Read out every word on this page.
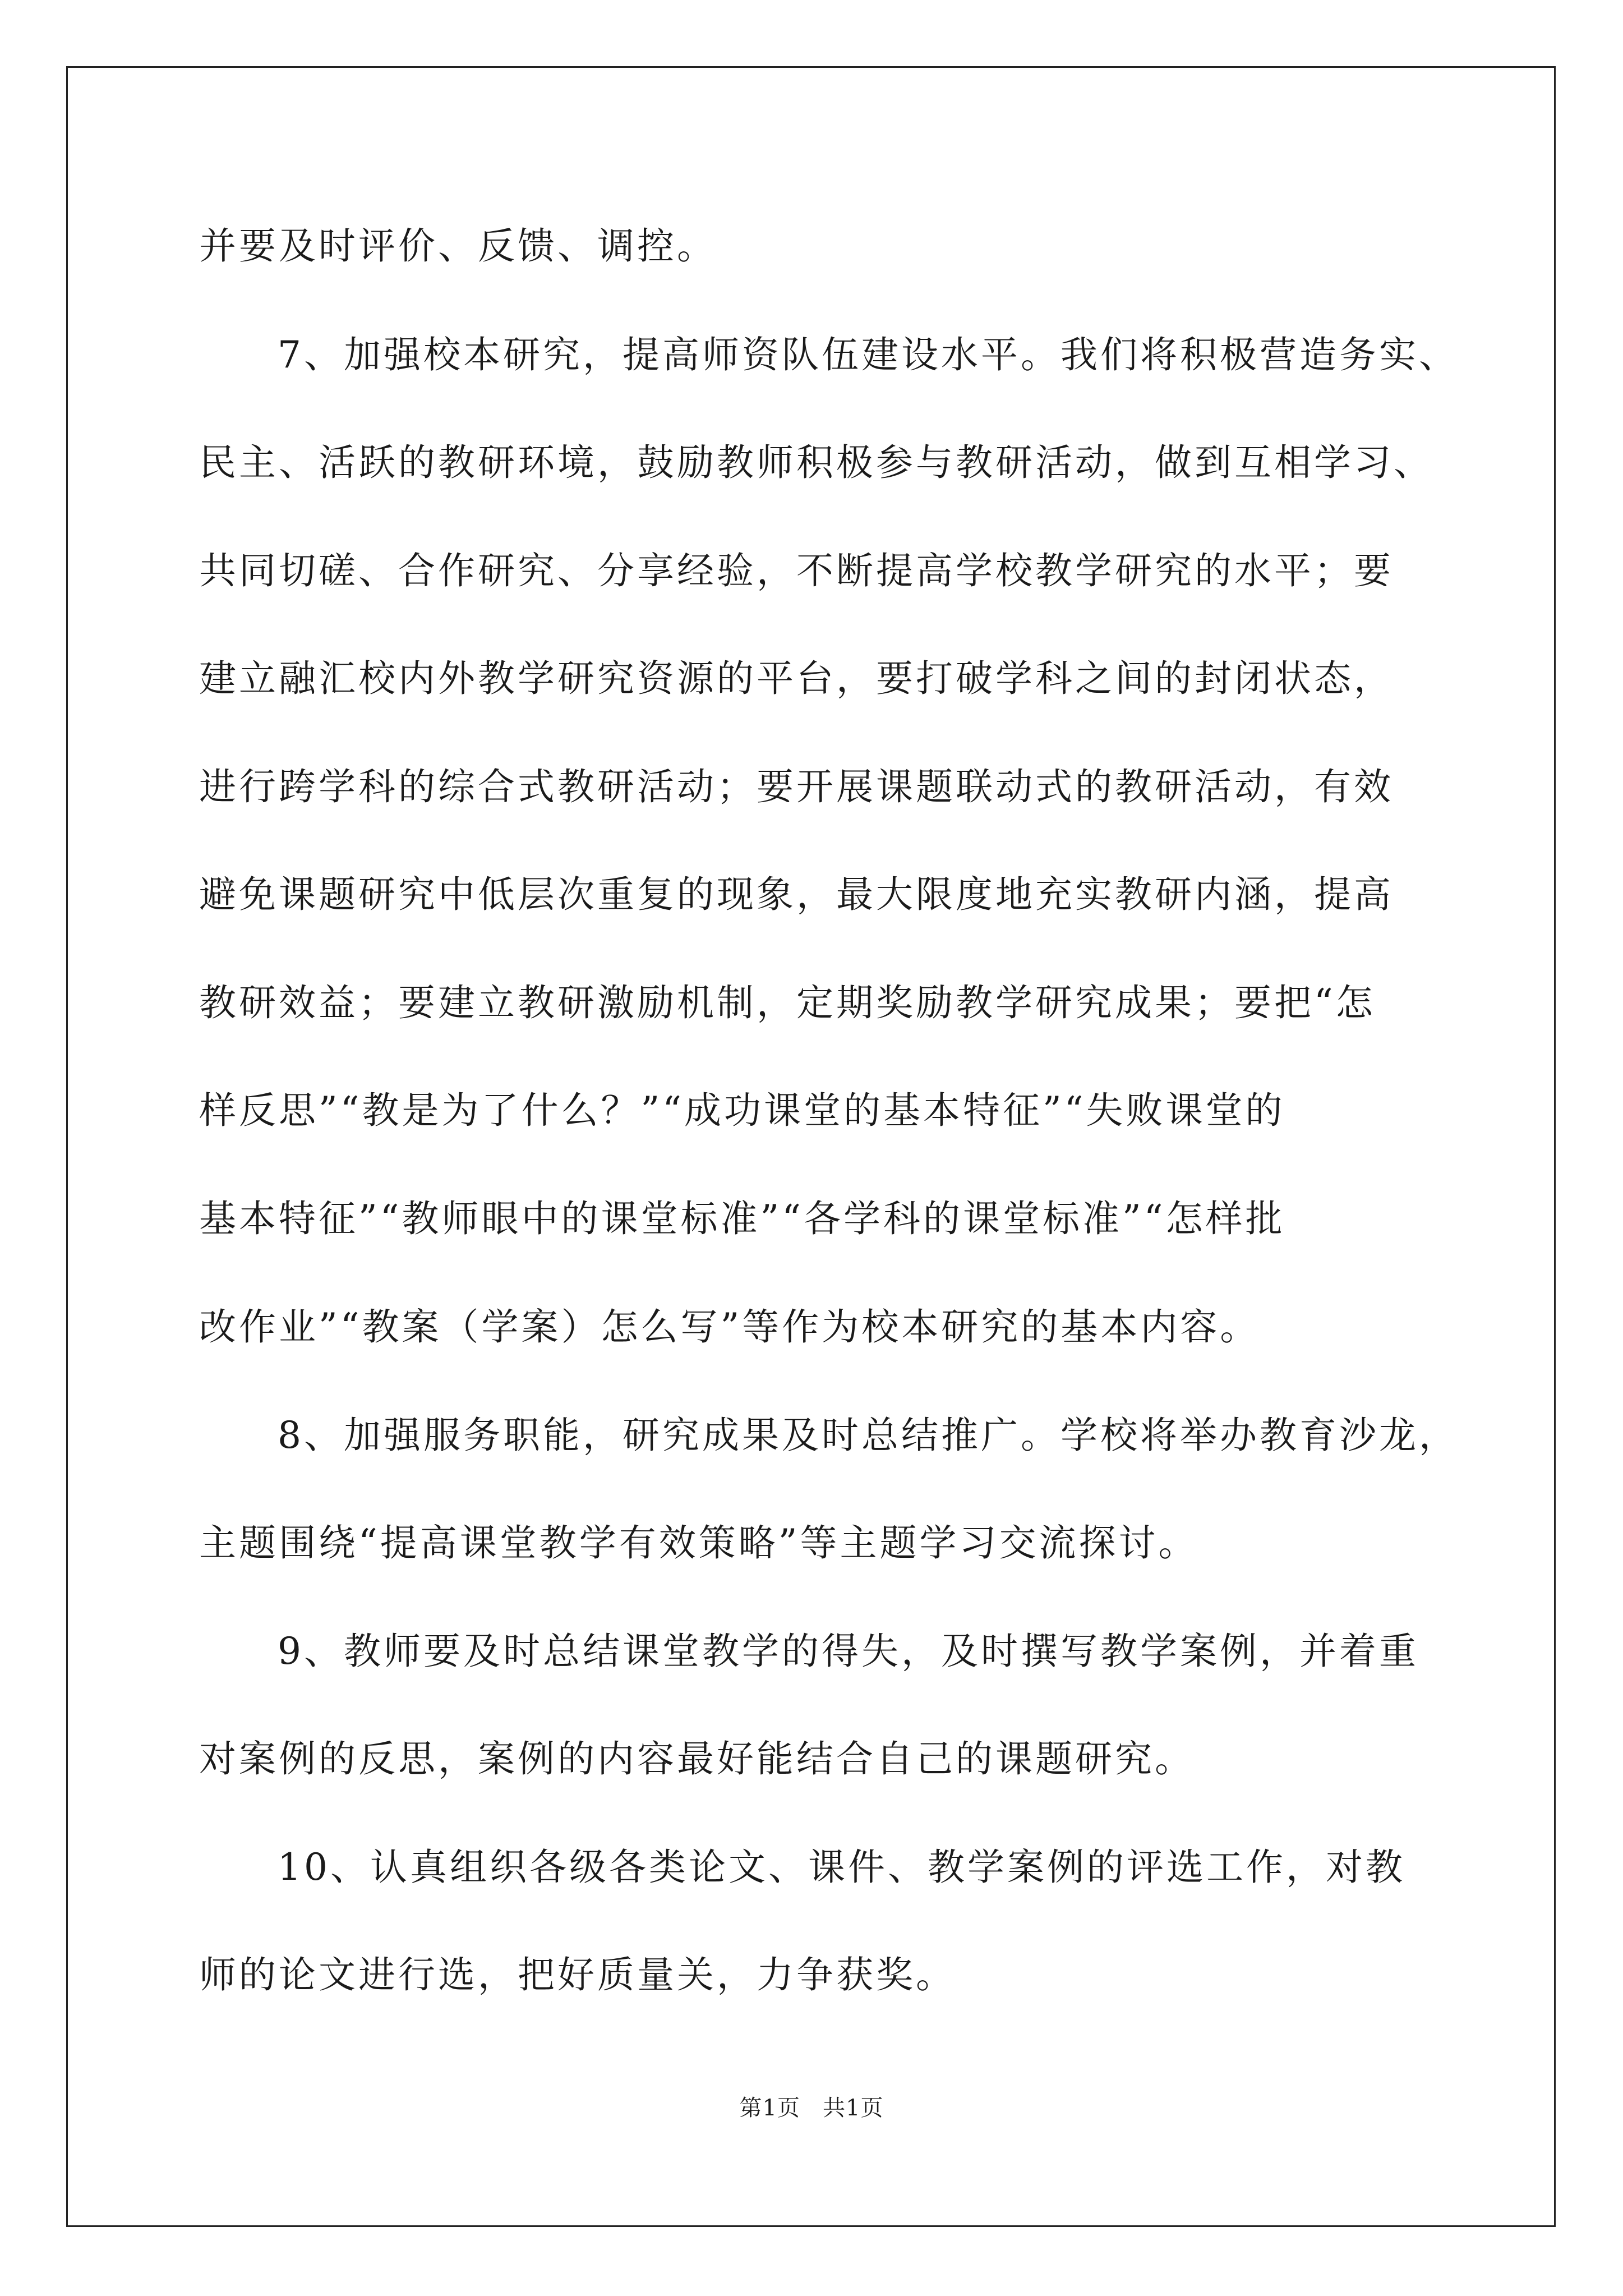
并要及时评价、反馈、调控。
7、加强校本研究，提高师资队伍建设水平。我们将积极营造务实、
民主、活跃的教研环境，鼓励教师积极参与教研活动，做到互相学习、
共同切磋、合作研究、分享经验，不断提高学校教学研究的水平；要
建立融汇校内外教学研究资源的平台，要打破学科之间的封闭状态，
进行跨学科的综合式教研活动；要开展课题联动式的教研活动，有效
避免课题研究中低层次重复的现象，最大限度地充实教研内涵，提高
教研效益；要建立教研激励机制，定期奖励教学研究成果；要把“怎
样反思”“教是为了什么？”“成功课堂的基本特征”“失败课堂的
基本特征”“教师眼中的课堂标准”“各学科的课堂标准”“怎样批
改作业”“教案（学案）怎么写”等作为校本研究的基本内容。
8、加强服务职能，研究成果及时总结推广。学校将举办教育沙龙，
主题围绕“提高课堂教学有效策略”等主题学习交流探讨。
9、教师要及时总结课堂教学的得失，及时撰写教学案例，并着重
对案例的反思，案例的内容最好能结合自己的课题研究。
10、认真组织各级各类论文、课件、教学案例的评选工作，对教
师的论文进行选，把好质量关，力争获奖。
第1页 共1页
